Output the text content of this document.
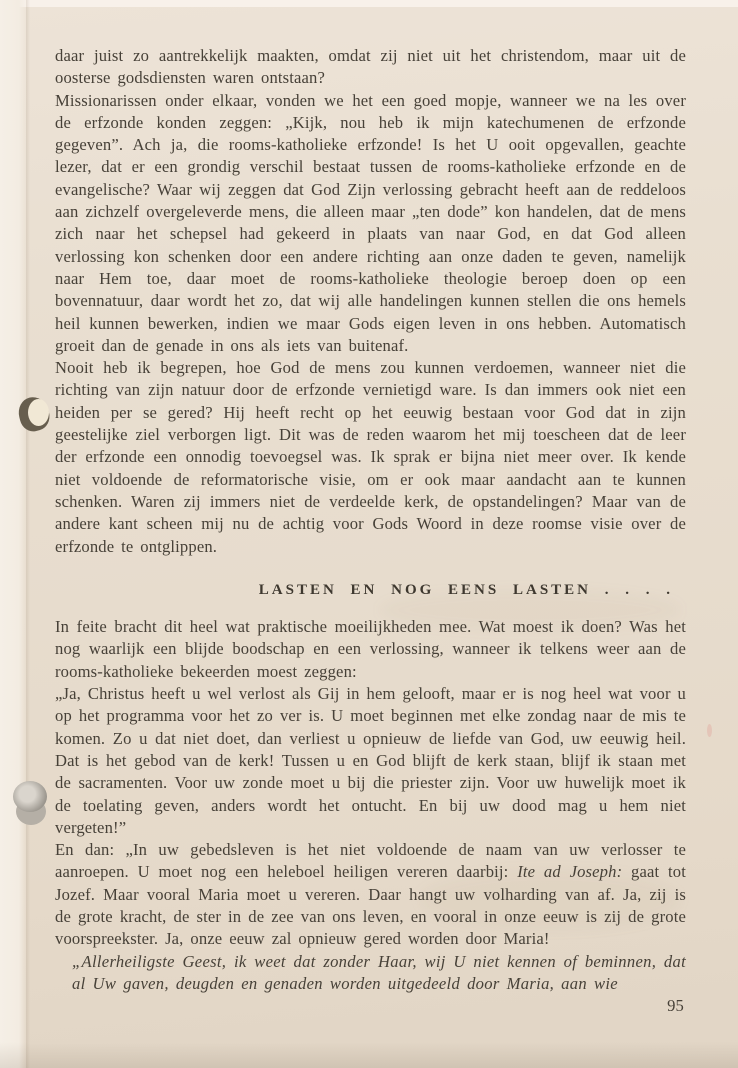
daar juist zo aantrekkelijk maakten, omdat zij niet uit het christendom, maar uit de oosterse godsdiensten waren ontstaan?

Missionarissen onder elkaar, vonden we het een goed mopje, wanneer we na les over de erfzonde konden zeggen: „Kijk, nou heb ik mijn katechumenen de erfzonde gegeven”. Ach ja, die rooms-katholieke erfzonde! Is het U ooit opgevallen, geachte lezer, dat er een grondig verschil bestaat tussen de rooms-katholieke erfzonde en de evangelische? Waar wij zeggen dat God Zijn verlossing gebracht heeft aan de reddeloos aan zichzelf overgeleverde mens, die alleen maar „ten dode” kon handelen, dat de mens zich naar het schepsel had gekeerd in plaats van naar God, en dat God alleen verlossing kon schenken door een andere richting aan onze daden te geven, namelijk naar Hem toe, daar moet de rooms-katholieke theologie beroep doen op een bovennatuur, daar wordt het zo, dat wij alle handelingen kunnen stellen die ons hemels heil kunnen bewerken, indien we maar Gods eigen leven in ons hebben. Automatisch groeit dan de genade in ons als iets van buitenaf.

Nooit heb ik begrepen, hoe God de mens zou kunnen verdoemen, wanneer niet die richting van zijn natuur door de erfzonde vernietigd ware. Is dan immers ook niet een heiden per se gered? Hij heeft recht op het eeuwig bestaan voor God dat in zijn geestelijke ziel verborgen ligt. Dit was de reden waarom het mij toescheen dat de leer der erfzonde een onnodig toevoegsel was. Ik sprak er bijna niet meer over. Ik kende niet voldoende de reformatorische visie, om er ook maar aandacht aan te kunnen schenken. Waren zij immers niet de verdeelde kerk, de opstandelingen? Maar van de andere kant scheen mij nu de achtig voor Gods Woord in deze roomse visie over de erfzonde te ontglippen.

LASTEN EN NOG EENS LASTEN . . . .

In feite bracht dit heel wat praktische moeilijkheden mee. Wat moest ik doen? Was het nog waarlijk een blijde boodschap en een verlossing, wanneer ik telkens weer aan de rooms-katholieke bekeerden moest zeggen:

„Ja, Christus heeft u wel verlost als Gij in hem gelooft, maar er is nog heel wat voor u op het programma voor het zo ver is. U moet beginnen met elke zondag naar de mis te komen. Zo u dat niet doet, dan verliest u opnieuw de liefde van God, uw eeuwig heil. Dat is het gebod van de kerk! Tussen u en God blijft de kerk staan, blijf ik staan met de sacramenten. Voor uw zonde moet u bij die priester zijn. Voor uw huwelijk moet ik de toelating geven, anders wordt het ontucht. En bij uw dood mag u hem niet vergeten!”

En dan: „In uw gebedsleven is het niet voldoende de naam van uw verlosser te aanroepen. U moet nog een heleboel heiligen vereren daarbij: Ite ad Joseph: gaat tot Jozef. Maar vooral Maria moet u vereren. Daar hangt uw volharding van af. Ja, zij is de grote kracht, de ster in de zee van ons leven, en vooral in onze eeuw is zij de grote voorspreekster. Ja, onze eeuw zal opnieuw gered worden door Maria!

„Allerheiligste Geest, ik weet dat zonder Haar, wij U niet kennen of beminnen, dat al Uw gaven, deugden en genaden worden uitgedeeld door Maria, aan wie

95
